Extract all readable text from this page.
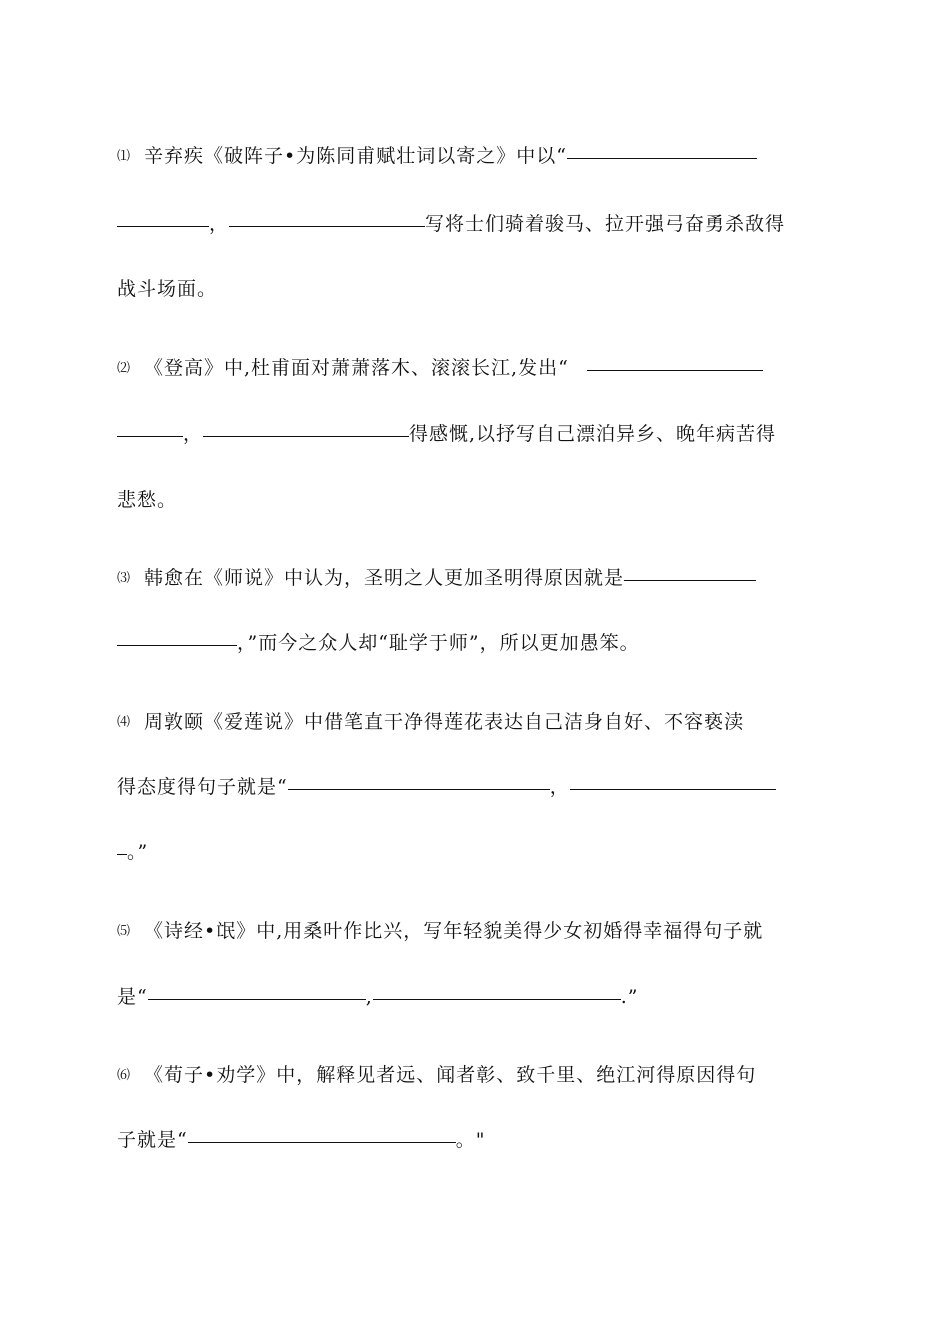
⑴ 辛弃疾《破阵子•为陈同甫赋壮词以寄之》中以“
，	写将士们骑着骏马、拉开强弓奋勇杀敌得
战斗场面。
⑵ 《登高》中,杜甫面对萧萧落木、滚滚长江,发出“
，	得感慨,以抒写自己漂泊异乡、晚年病苦得
悲愁。
⑶ 韩愈在《师说》中认为，圣明之人更加圣明得原因就是
，”而今之众人却“耻学于师”，所以更加愚笨。
⑷ 周敦颐《爱莲说》中借笔直干净得莲花表达自己洁身自好、不容亵渎
得态度得句子就是“	，
。”
⑸ 《诗经•氓》中,用桑叶作比兴，写年轻貌美得少女初婚得幸福得句子就
是“	,	.”
⑹ 《荀子•劝学》中，解释见者远、闻者彰、致千里、绝江河得原因得句
子就是“	。"
